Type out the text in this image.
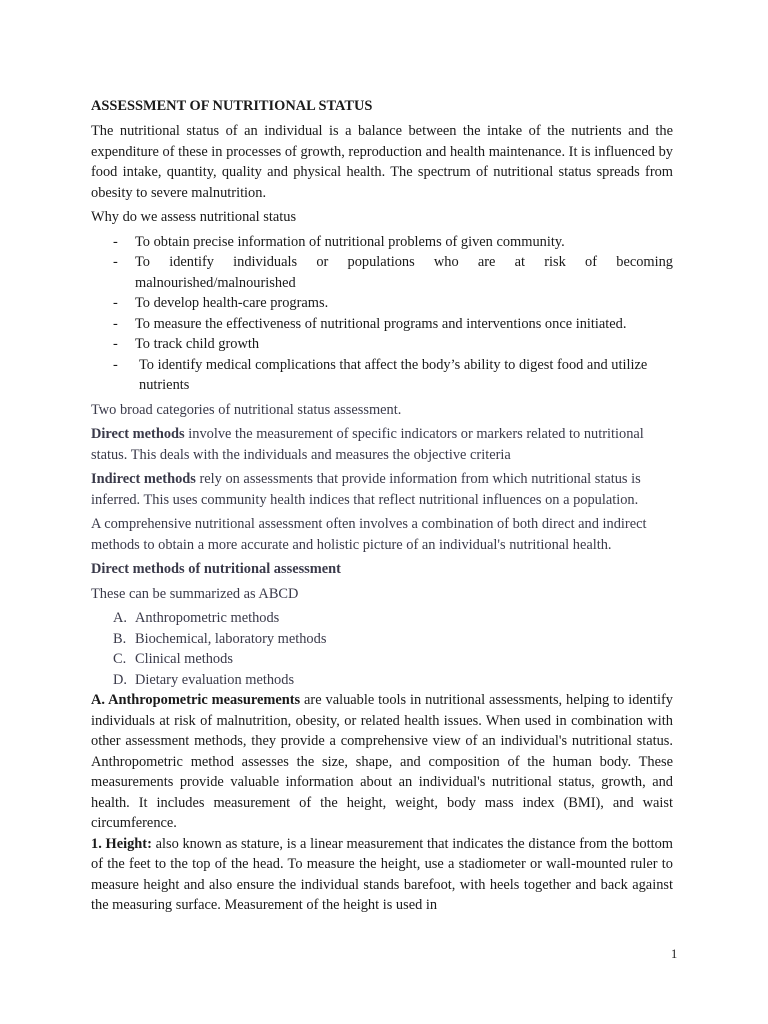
ASSESSMENT OF NUTRITIONAL STATUS

The nutritional status of an individual is a balance between the intake of the nutrients and the expenditure of these in processes of growth, reproduction and health maintenance. It is influenced by food intake, quantity, quality and physical health. The spectrum of nutritional status spreads from obesity to severe malnutrition.

Why do we assess nutritional status

-	To obtain precise information of nutritional problems of given community.
-	To identify individuals or populations who are at risk of becoming malnourished/malnourished
-	To develop health-care programs.
-	To measure the effectiveness of nutritional programs and interventions once initiated.
-	To track child growth
-	To identify medical complications that affect the body’s ability to digest food and utilize nutrients

Two broad categories of nutritional status assessment.

Direct methods involve the measurement of specific indicators or markers related to nutritional status. This deals with the individuals and measures the objective criteria

Indirect methods rely on assessments that provide information from which nutritional status is inferred. This uses community health indices that reflect nutritional influences on a population.

A comprehensive nutritional assessment often involves a combination of both direct and indirect methods to obtain a more accurate and holistic picture of an individual's nutritional health.

Direct methods of nutritional assessment

These can be summarized as ABCD

A. Anthropometric methods
B. Biochemical, laboratory methods
C. Clinical methods
D. Dietary evaluation methods

A. Anthropometric measurements are valuable tools in nutritional assessments, helping to identify individuals at risk of malnutrition, obesity, or related health issues. When used in combination with other assessment methods, they provide a comprehensive view of an individual's nutritional status. Anthropometric method assesses the size, shape, and composition of the human body. These measurements provide valuable information about an individual's nutritional status, growth, and health. It includes measurement of the height, weight, body mass index (BMI), and waist circumference.

1. Height: also known as stature, is a linear measurement that indicates the distance from the bottom of the feet to the top of the head. To measure the height, use a stadiometer or wall-mounted ruler to measure height and also ensure the individual stands barefoot, with heels together and back against the measuring surface. Measurement of the height is used in

1
